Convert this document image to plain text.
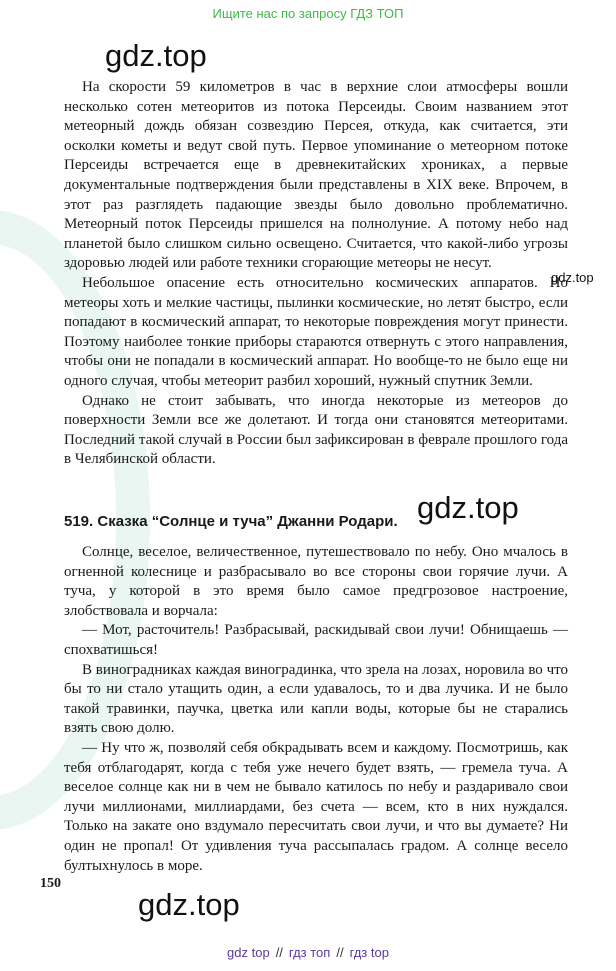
Ищите нас по запросу ГДЗ ТОП
gdz.top
gdz.top
gdz.top
gdz.top

На скорости 59 километров в час в верхние слои атмосферы вошли несколько сотен метеоритов из потока Персеиды. Своим названием этот метеорный дождь обязан созвездию Персея, откуда, как считается, эти осколки кометы и ведут свой путь. Первое упоминание о метеорном потоке Персеиды встречается еще в древнекитайских хрониках, а первые документальные подтверждения были представлены в XIX веке. Впрочем, в этот раз разглядеть падающие звезды было довольно проблематично. Метеорный поток Персеиды пришелся на полнолуние. А потому небо над планетой было слишком сильно освещено. Считается, что какой-либо угрозы здоровью людей или работе техники сгорающие метеоры не несут.

Небольшое опасение есть относительно космических аппаратов. Но метеоры хоть и мелкие частицы, пылинки космические, но летят быстро, если попадают в космический аппарат, то некоторые повреждения могут принести. Поэтому наиболее тонкие приборы стараются отвернуть с этого направления, чтобы они не попадали в космический аппарат. Но вообще-то не было еще ни одного случая, чтобы метеорит разбил хороший, нужный спутник Земли.

Однако не стоит забывать, что иногда некоторые из метеоров до поверхности Земли все же долетают. И тогда они становятся метеоритами. Последний такой случай в России был зафиксирован в феврале прошлого года в Челябинской области.

519. Сказка “Солнце и туча” Джанни Родари.

Солнце, веселое, величественное, путешествовало по небу. Оно мчалось в огненной колеснице и разбрасывало во все стороны свои горячие лучи. А туча, у которой в это время было самое предгрозовое настроение, злобствовала и ворчала:

— Мот, расточитель! Разбрасывай, раскидывай свои лучи! Обнищаешь — спохватишься!

В виноградниках каждая виноградинка, что зрела на лозах, норовила во что бы то ни стало утащить один, а если удавалось, то и два лучика. И не было такой травинки, паучка, цветка или капли воды, которые бы не старались взять свою долю.

— Ну что ж, позволяй себя обкрадывать всем и каждому. Посмотришь, как тебя отблагодарят, когда с тебя уже нечего будет взять, — гремела туча. А веселое солнце как ни в чем не бывало катилось по небу и раздаривало свои лучи миллионами, миллиардами, без счета — всем, кто в них нуждался. Только на закате оно вздумало пересчитать свои лучи, и что вы думаете? Ни один не пропал! От удивления туча рассыпалась градом. А солнце весело бултыхнулось в море.

150
gdz top // гдз топ // гдз top
